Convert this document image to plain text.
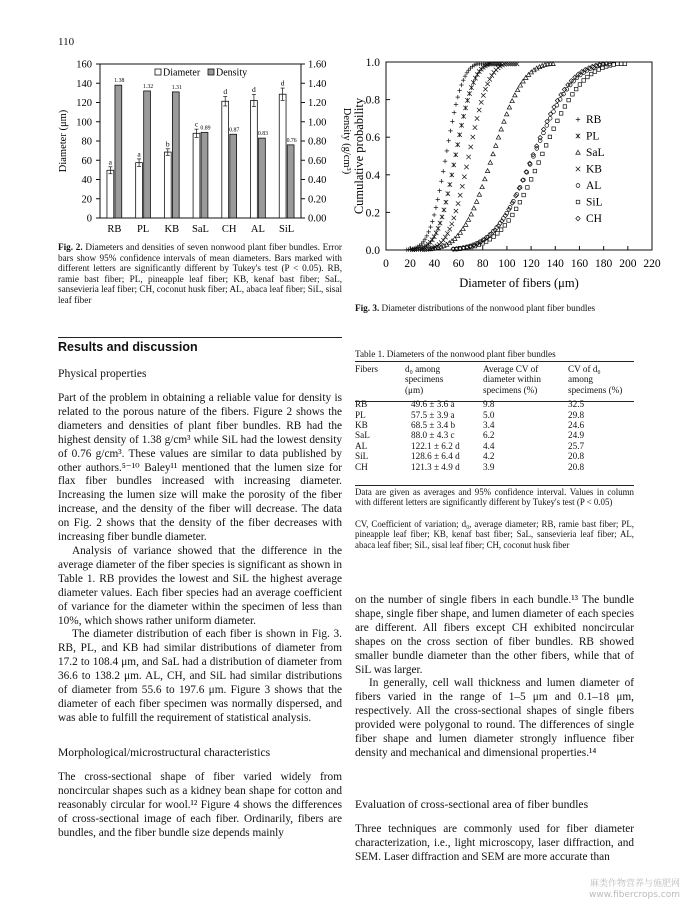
110
0
20
40
60
80
100
120
140
160
0.00
0.20
0.40
0.60
0.80
1.00
1.20
1.40
1.60
Diameter (μm)	Density (g/cm³)
a
1.38
RB
a
1.32
PL
b
1.31
KB
c 0.89
SaL
d
0.87
CH
d
0.83
AL
d
0.76
SiL
Diameter Density
Fig. 2. Diameters and densities of seven nonwood plant fiber bundles. Error bars show 95% confidence intervals of mean diameters. Bars marked with different letters are significantly different by Tukey's test (P < 0.05). RB, ramie bast fiber; PL, pineapple leaf fiber; KB, kenaf bast fiber; SaL, sansevieria leaf fiber; CH, coconut husk fiber; AL, abaca leaf fiber; SiL, sisal leaf fiber
0.0
0.2
0.4
0.6
0.8
1.0
0 20 40 60 80 100 120 140 160 180 200 220
Diameter of fibers (μm)
Cumulative probability	RB
PL
SaL
KB
AL
SiL
CH
Fig. 3. Diameter distributions of the nonwood plant fiber bundles
Results and discussion
Physical properties

Part of the problem in obtaining a reliable value for density is related to the porous nature of the fibers. Figure 2 shows the diameters and densities of plant fiber bundles. RB had the highest density of 1.38 g/cm³ while SiL had the lowest density of 0.76 g/cm³. These values are similar to data published by other authors.⁵⁻¹⁰ Baley¹¹ mentioned that the lumen size for flax fiber bundles increased with increasing diameter. Increasing the lumen size will make the porosity of the fiber increase, and the density of the fiber will decrease. The data on Fig. 2 shows that the density of the fiber decreases with increasing fiber bundle diameter.

Analysis of variance showed that the difference in the average diameter of the fiber species is significant as shown in Table 1. RB provides the lowest and SiL the highest average diameter values. Each fiber species had an average coefficient of variance for the diameter within the specimen of less than 10%, which shows rather uniform diameter.

The diameter distribution of each fiber is shown in Fig. 3. RB, PL, and KB had similar distributions of diameter from 17.2 to 108.4 μm, and SaL had a distribution of diameter from 36.6 to 138.2 μm. AL, CH, and SiL had similar distributions of diameter from 55.6 to 197.6 μm. Figure 3 shows that the diameter of each fiber specimen was normally dispersed, and was able to fulfill the requirement of statistical analysis.

Morphological/microstructural characteristics
The cross-sectional shape of fiber varied widely from noncircular shapes such as a kidney bean shape for cotton and reasonably circular for wool.¹² Figure 4 shows the differences of cross-sectional image of each fiber. Ordinarily, fibers are bundles, and the fiber bundle size depends mainly
Table 1. Diameters of the nonwood plant fiber bundles
Fibers	d₀ among
specimens
(μm)	Average CV of
diameter within
specimens (%)	CV of d₀
among
specimens (%)
RB	49.6 ± 3.6 a	9.8	32.5
PL	57.5 ± 3.9 a	5.0	29.8
KB	68.5 ± 3.4 b	3.4	24.6
SaL	88.0 ± 4.3 c	6.2	24.9
AL	122.1 ± 6.2 d	4.4	25.7
SiL	128.6 ± 6.4 d	4.2	20.8
CH	121.3 ± 4.9 d	3.9	20.8
Data are given as averages and 95% confidence interval. Values in column with different letters are significantly different by Tukey's test (P < 0.05)
CV, Coefficient of variation; d₀, average diameter; RB, ramie bast fiber; PL, pineapple leaf fiber; KB, kenaf bast fiber; SaL, sansevieria leaf fiber; AL, abaca leaf fiber; SiL, sisal leaf fiber; CH, coconut husk fiber

on the number of single fibers in each bundle.¹³ The bundle shape, single fiber shape, and lumen diameter of each species are different. All fibers except CH exhibited noncircular shapes on the cross section of fiber bundles. RB showed smaller bundle diameter than the other fibers, while that of SiL was larger.

In generally, cell wall thickness and lumen diameter of fibers varied in the range of 1–5 μm and 0.1–18 μm, respectively. All the cross-sectional shapes of single fibers provided were polygonal to round. The differences of single fiber shape and lumen diameter strongly influence fiber density and mechanical and dimensional properties.¹⁴

Evaluation of cross-sectional area of fiber bundles
Three techniques are commonly used for fiber diameter characterization, i.e., light microscopy, laser diffraction, and SEM. Laser diffraction and SEM are more accurate than
麻类作物营养与施肥网
www.fibercrops.com
